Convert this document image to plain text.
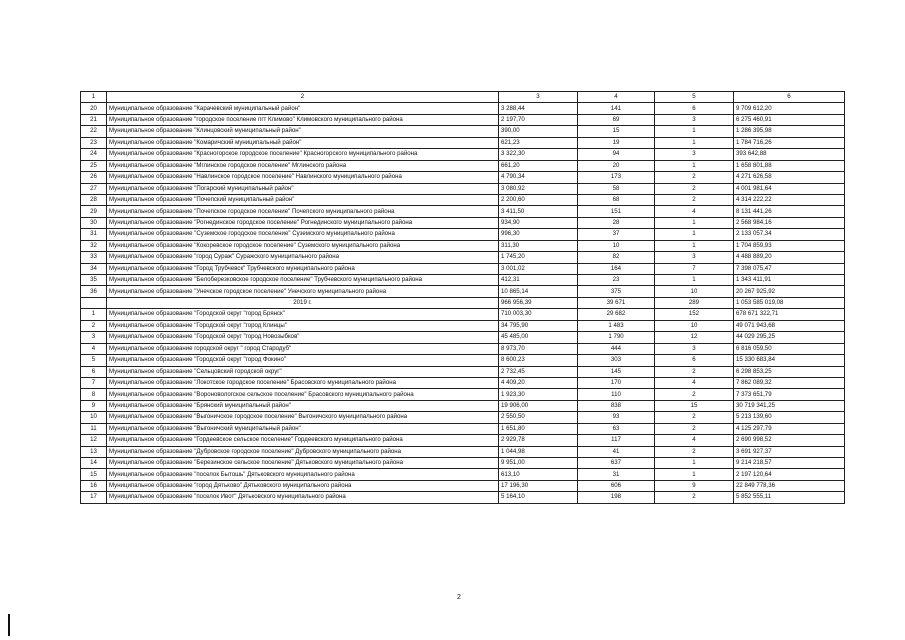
1	2	3	4	5	6
20	Муниципальное образование "Карачевский муниципальный район"	3 288,44	141	6	9 709 612,20
21	Муниципальное образование "городское поселение пгт Климово" Климовского муниципального района	2 197,70	69	3	6 275 460,91
22	Муниципальное образование "Клинцовский муниципальный район"	390,00	15	1	1 286 395,98
23	Муниципальное образование "Комаричский муниципальный район"	621,23	19	1	1 784 716,26
24	Муниципальное образование "Красногорское городское поселение" Красногорского муниципального района	3 322,30	94	3	393 642,88
25	Муниципальное образование "Мглинское городское поселение" Мглинского района	661,20	20	1	1 658 801,88
26	Муниципальное образование "Навлинское городское поселение" Навлинского муниципального района	4 790,34	173	2	4 271 626,58
27	Муниципальное образование "Погарский муниципальный район"	3 080,92	58	2	4 001 981,64
28	Муниципальное образование "Почепский муниципальный район"	2 200,60	68	2	4 314 222,22
29	Муниципальное образование "Почепское городское поселение" Почепского муниципального района	3 411,50	151	4	8 131 441,26
30	Муниципальное образование "Рогнединское городское поселение" Рогнединского муниципального района	934,90	28	1	2 568 984,16
31	Муниципальное образование "Суземское городское поселение" Суземского муниципального района	996,30	37	1	2 133 057,34
32	Муниципальное образование "Кокоревское городское поселение" Суземского муниципального района	311,30	10	1	1 704 859,93
33	Муниципальное образование "город Сураж" Суражского муниципального района	1 745,20	82	3	4 488 889,20
34	Муниципальное образование "Город Трубчевск" Трубчевского муниципального района	3 001,02	164	7	7 398 075,47
35	Муниципальное образование "Белоберезковское городское поселение" Трубчевского муниципального района	412,31	23	1	1 343 411,91
36	Муниципальное образование "Унечское городское поселение" Унечского муниципального района	10 865,14	375	10	20 267 925,92
	2019 г.	966 956,39	39 671	289	1 053 585 019,08
1	Муниципальное образование "Городской округ "город Брянск"	710 003,30	29 682	152	678 671 322,71
2	Муниципальное образование "Городской округ "город Клинцы"	34 795,90	1 483	10	49 071 943,68
3	Муниципальное образование "Городской округ "город Новозыбков"	45 485,00	1 790	12	44 029 295,25
4	Муниципальное образование городской округ " город Стародуб"	8 973,70	444	3	6 816 059,50
5	Муниципальное образование "Городской округ "город Фокино"	8 600,23	303	6	15 330 683,84
6	Муниципальное образование "Сельцовский городской округ"	2 732,45	145	2	6 298 853,25
7	Муниципальное образование "Локотское городское поселение" Брасовского муниципального района	4 409,20	170	4	7 862 089,32
8	Муниципальное образование "Вороновологское сельское поселение" Брасовского муниципального района	1 923,30	110	2	7 373 651,79
9	Муниципальное образование "Брянский муниципальный район"	19 906,00	838	15	30 719 341,25
10	Муниципальное образование "Выгоничское городское поселение" Выгоничского муниципального района	2 550,50	93	2	5 213 139,60
11	Муниципальное образование "Выгоничский муниципальный район"	1 651,80	63	2	4 125 297,79
12	Муниципальное образование "Гордеевское сельское поселение" Гордеевского муниципального района	2 929,78	117	4	2 690 998,52
13	Муниципальное образование "Дубровское городское поселение" Дубровского муниципального района	1 044,98	41	2	3 691 927,37
14	Муниципальное образование "Березинское сельское поселение" Дятьковского муниципального района	9 951,00	637	1	9 214 218,57
15	Муниципальное образование "поселок Бытошь" Дятьковского муниципального района	613,10	31	1	2 197 120,64
16	Муниципальное образование "город Дятьково" Дятьковского муниципального района	17 196,30	606	9	22 849 778,36
17	Муниципальное образование "поселок Ивот" Дятьковского муниципального района	5 164,10	198	2	5 852 555,11
2
